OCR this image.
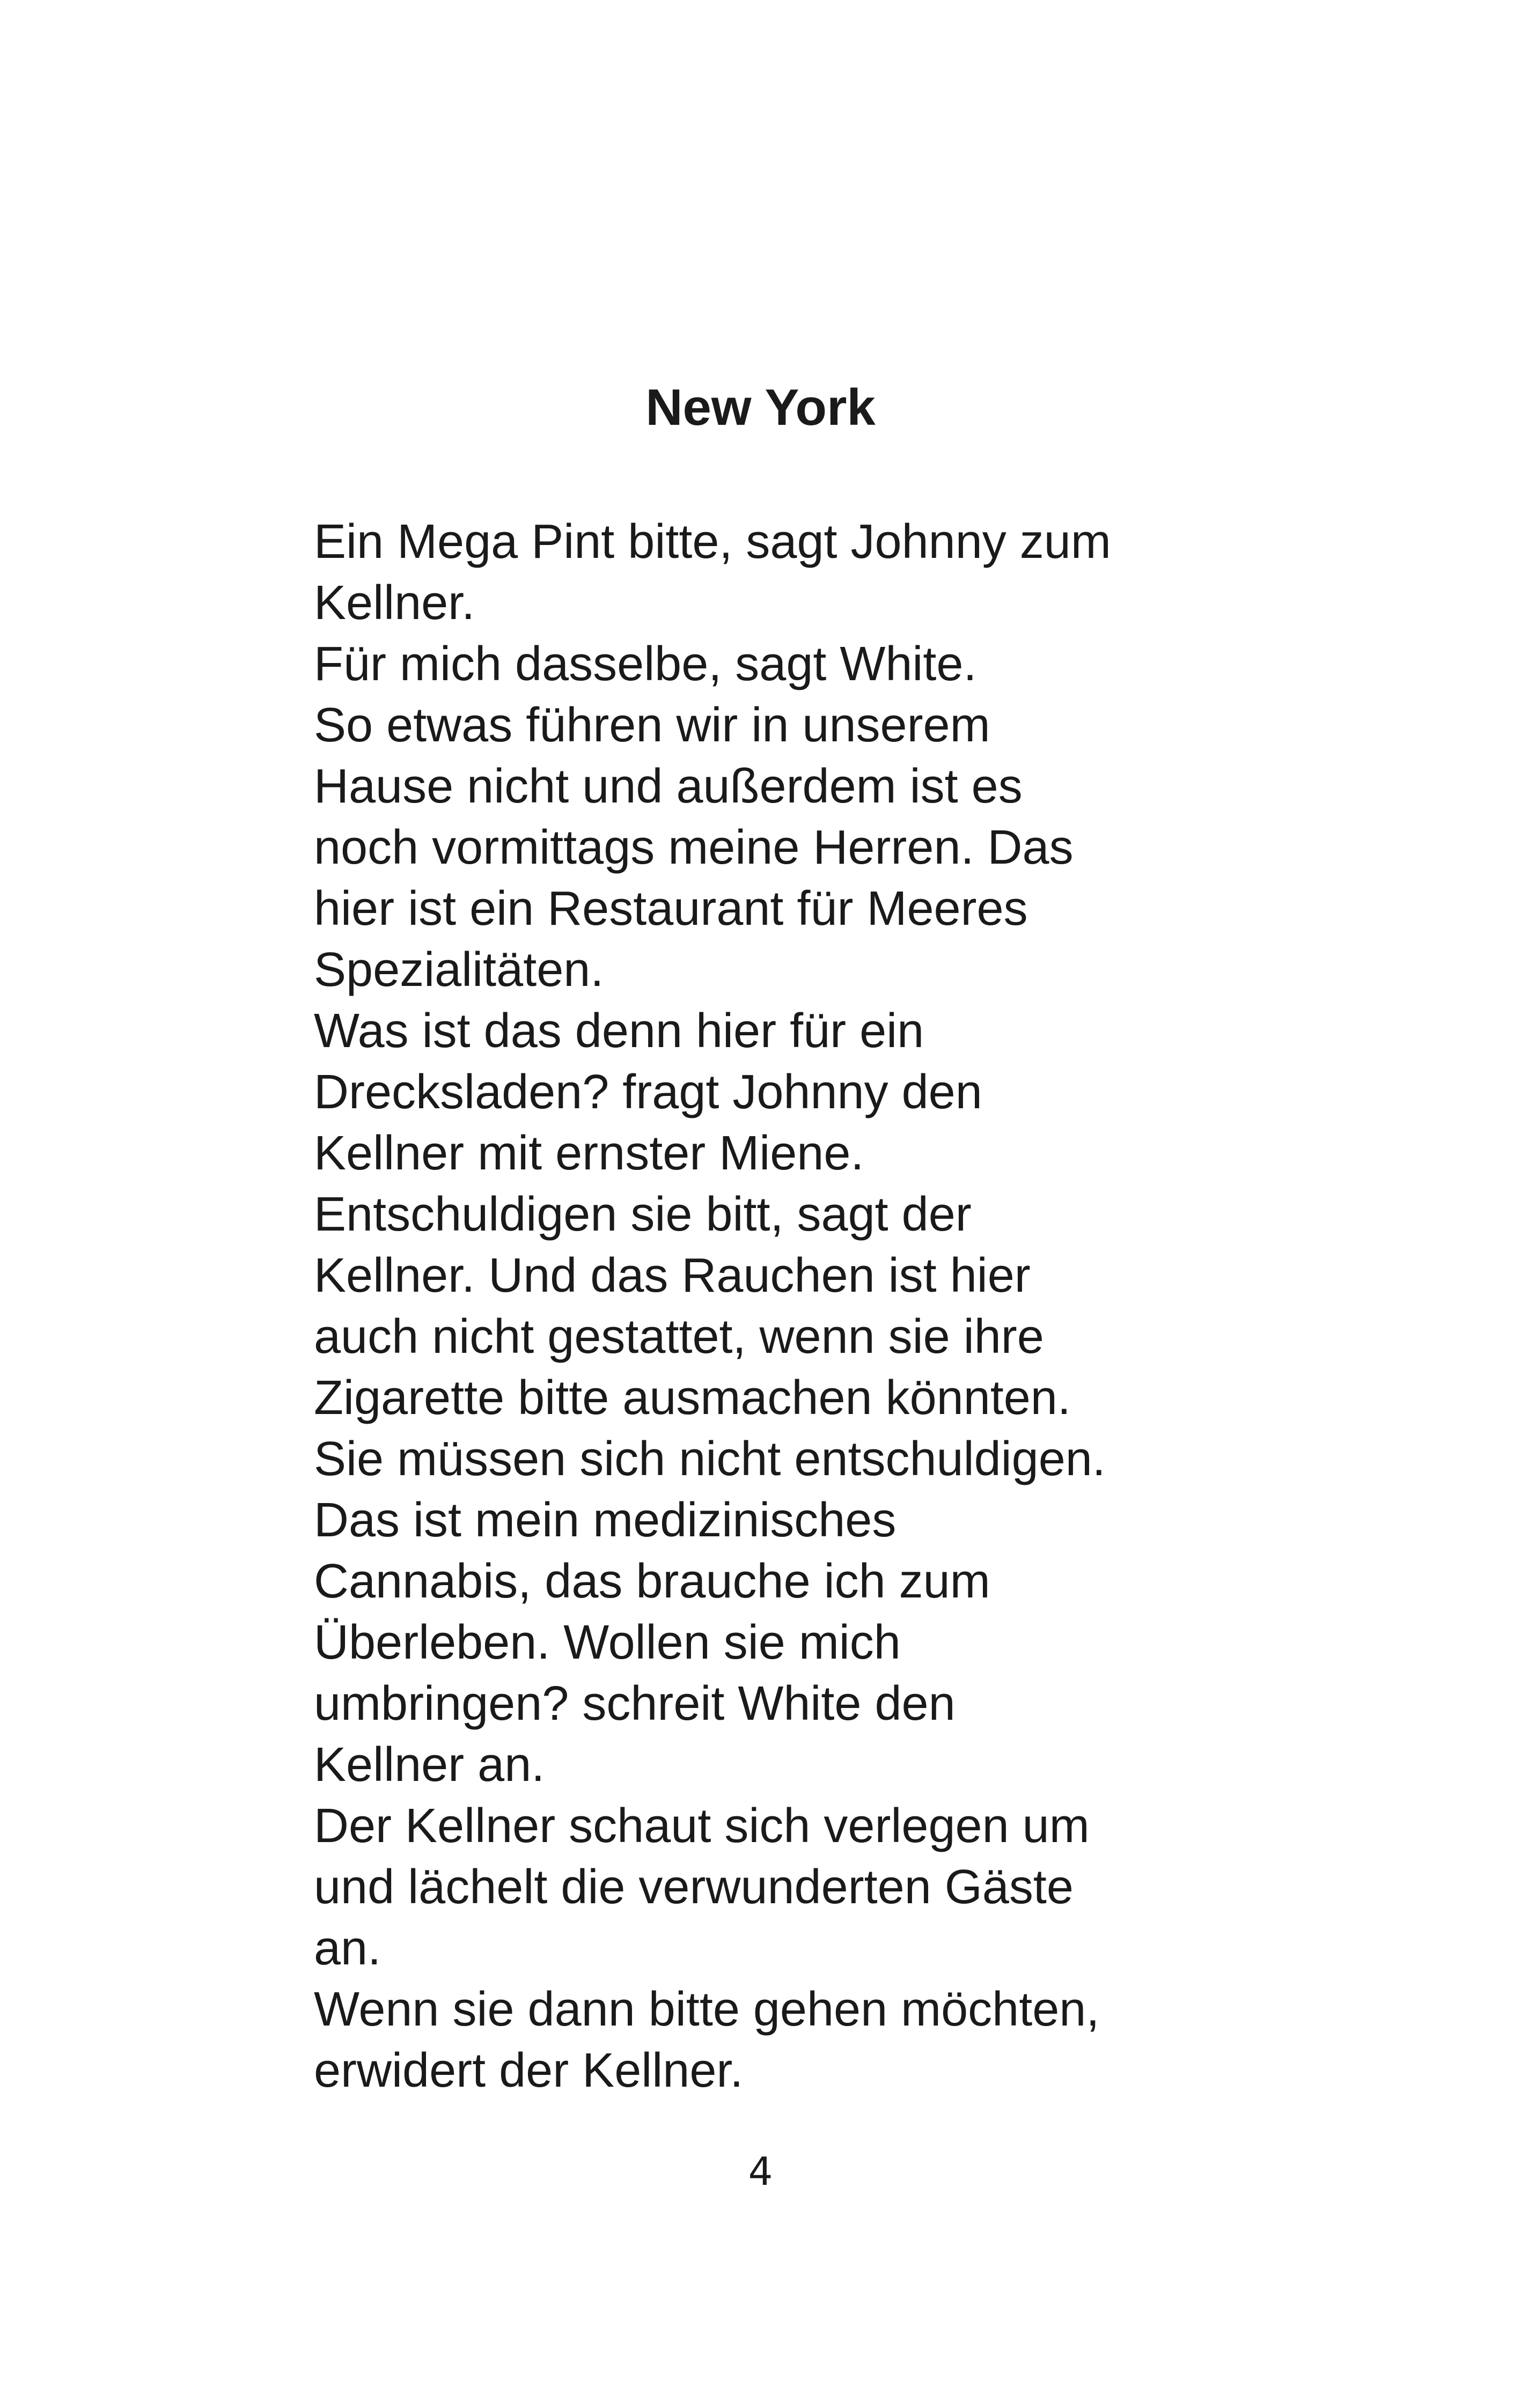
New York
Ein Mega Pint bitte, sagt Johnny zum
Kellner.
Für mich dasselbe, sagt White.
So etwas führen wir in unserem
Hause nicht und außerdem ist es
noch vormittags meine Herren. Das
hier ist ein Restaurant für Meeres
Spezialitäten.
Was ist das denn hier für ein
Drecksladen? fragt Johnny den
Kellner mit ernster Miene.
Entschuldigen sie bitt, sagt der
Kellner. Und das Rauchen ist hier
auch nicht gestattet, wenn sie ihre
Zigarette bitte ausmachen könnten.
Sie müssen sich nicht entschuldigen.
Das ist mein medizinisches
Cannabis, das brauche ich zum
Überleben. Wollen sie mich
umbringen? schreit White den
Kellner an.
Der Kellner schaut sich verlegen um
und lächelt die verwunderten Gäste
an.
Wenn sie dann bitte gehen möchten,
erwidert der Kellner.
4
